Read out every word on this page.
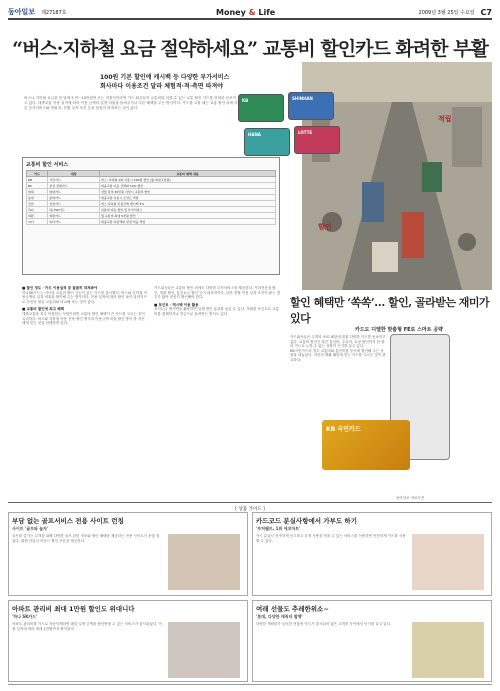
동아일보 제27187호	Money & Life	2009년 3월 25일 수요일 C7
“버스·지하철 요금 절약하세요” 교통비 할인카드 화려한 부활
100원 기본 할인에 캐시백 등 다양한 부가서비스
회사마다 이용조건 달라 체험적·적·측면 따져야
KB	SHINHAN
HANA	LOTTE
적립
할인
버스나 지하철 요금을 한 달에 5 만~10만원씩 쓰는 직장인이라면 카드 회사들이 교통비를 아낄 수 있는 교통 할인 카드를 잇따라 선보이고 있다. 대중교통 이용 실적에 따라 이용 금액의 일정 비율을 돌려주거나 다른 혜택을 주는 방식이다. 카드를 고를 때는 교통 할인 외에 다른 부가서비스와 연회비, 전월 실적 조건 등을 꼼꼼히 따져보는 것이 좋다.
교통비 할인 서비스
카드	대상	교통비 혜택 내용
KB	국민카드	버스, 지하철 1회 이용시 100원 할인 (월 최대 1만원)
BC	삼성 전체카드	대중교통 이용 금액의 10% 할인
현대	현대카드	전월 실적 30만원 이상시 교통비 할인
롯데	롯데카드	대중교통 이용시 포인트 적립
신한	신한카드	버스 지하철 이용금액 캐시백 5%
하나	하나SK카드	교통비 자동 할인 및 부가서비스
외환	외환카드	월 교통비 최대 5천원 할인
씨티	씨티카드	대중교통 이용액의 일정 비율 적립

■ 할인 정도 · 카드 이용실적 등 꼼꼼히 따져봐야

하나SK카드는 지난달 교통비 할인 기능이 있는 카드를 출시했다. 버스와 지하철 이용금액의 일정 비율을 할인해 주는 방식이다. 이용 실적에 따라 할인 폭이 달라지므로 자신의 평균 교통비와 비교해 보는 것이 좋다.

■ 교통비 할인에 최고 혜택

대중교통을 자주 이용하는 사람이라면 교통비 할인 혜택이 큰 카드를 고르는 것이 유리하다. 버스와 지하철 이용 건당 할인 방식과 이용금액 비율 할인 방식 중 자신에게 맞는 것을 선택하면 된다.

카드회사들은 교통비 할인 외에도 다양한 부가서비스를 제공한다. 커피전문점 할인, 영화 할인, 통신요금 할인 등이 대표적이다. 다만 전월 이용 실적 조건이 붙는 경우가 많아 꼼꼼히 확인해야 한다.

■ 포인트 · 캐시백 이용 활용

포인트나 캐시백을 활용하면 실제 할인 효과를 높일 수 있다. 적립된 포인트로 교통비를 결제하거나 현금으로 돌려받는 방식도 있다.

할인 혜택만 ‘쏙쏙’… 할인, 골라받는 재미가 있다
카드도 디엘한 맞춤형 FE로 스마트 공략

카드회사들은 고객의 소비 패턴에 맞춘 다양한 카드를 선보이고 있다. 교통비 할인은 물론 통신비, 주유비, 쇼핑 할인까지 한 장의 카드로 누릴 수 있는 상품이 인기를 끌고 있다.

KB국민카드의 경우 교통비와 통신비를 동시에 할인해 주는 상품을 내놓았다. 자신의 생활 패턴에 맞는 카드를 고르는 것이 중요하다.

KB 국민카드
동아일보 자료사진
[ 상품 가이드 ]
부담 없는 골프서비스 전용 사이트 런칭
사이트 '골프와 놀자'
골프를 즐기는 고객을 위해 다양한 골프 관련 정보와 할인 혜택을 제공하는 전용 사이트가 문을 열었다. 회원 가입시 라운드 할인 쿠폰을 제공한다.
카드코드 분실사항에서 가부도 하기
'부처웹트, 1위 에코마트'
카드 분실시 신속하게 신고하고 부정 사용을 막을 수 있는 서비스를 이용하면 안전하게 카드를 사용할 수 있다.
아파트 관리비 최대 1만원 할인도 위대니다
'하나 SK카드'
아파트 관리비를 카드로 자동이체하면 매달 일정 금액을 할인받을 수 있는 서비스가 출시되었다. 이용 실적에 따라 최대 1만원까지 할인된다.
여래 선물도 추레한위소~
'롯데, 다양한 캐릭터 발행'
다양한 캐릭터가 들어간 선물용 카드가 출시되어 젊은 고객층 사이에서 인기를 끌고 있다.
